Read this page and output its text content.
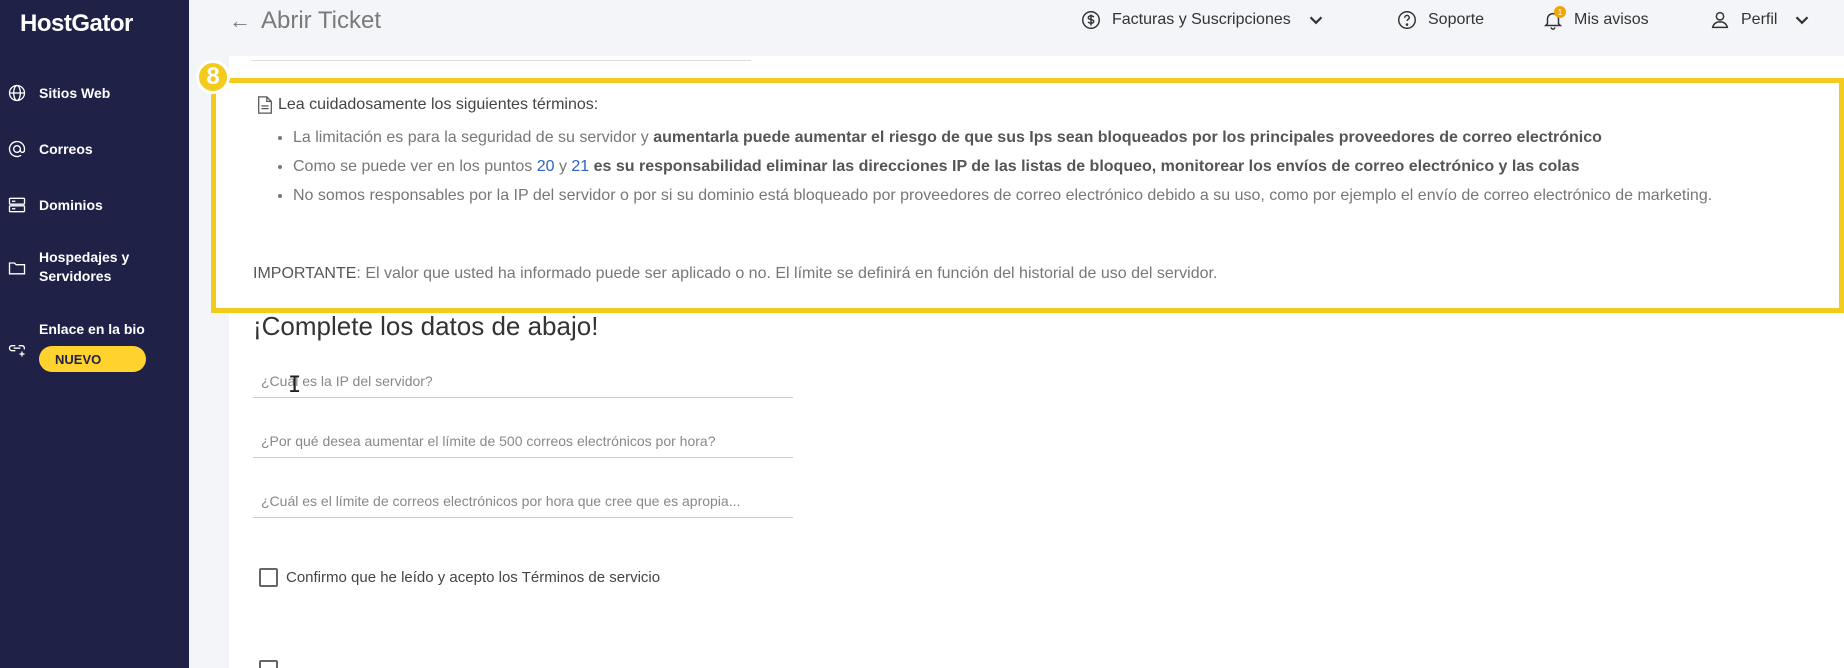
HostGator
Sitios Web
Correos
Dominios
Hospedajes y Servidores
Enlace en la bio
NUEVO
← Abrir Ticket	Facturas y Suscripciones	Soporte	1 Mis avisos	Perfil
8
Lea cuidadosamente los siguientes términos:
• La limitación es para la seguridad de su servidor y aumentarla puede aumentar el riesgo de que sus Ips sean bloqueados por los principales proveedores de correo electrónico
• Como se puede ver en los puntos 20 y 21 es su responsabilidad eliminar las direcciones IP de las listas de bloqueo, monitorear los envíos de correo electrónico y las colas
• No somos responsables por la IP del servidor o por si su dominio está bloqueado por proveedores de correo electrónico debido a su uso, como por ejemplo el envío de correo electrónico de marketing.
IMPORTANTE: El valor que usted ha informado puede ser aplicado o no. El límite se definirá en función del historial de uso del servidor.
¡Complete los datos de abajo!
¿Cuál es la IP del servidor?
¿Por qué desea aumentar el límite de 500 correos electrónicos por hora?
¿Cuál es el límite de correos electrónicos por hora que cree que es apropia...
I
Confirmo que he leído y acepto los Términos de servicio
